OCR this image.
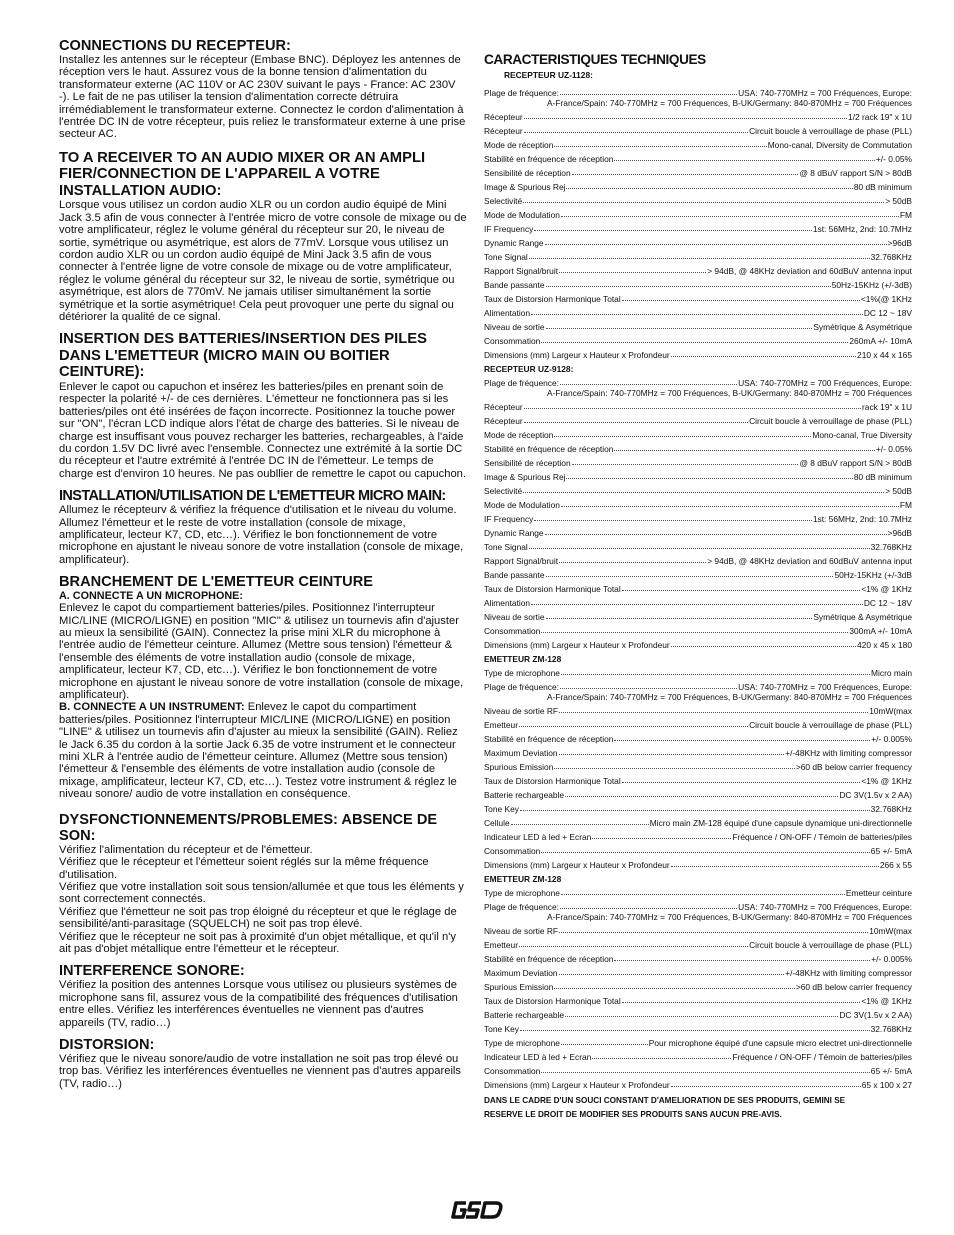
CONNECTIONS DU RECEPTEUR:

Installez les antennes sur le récepteur (Embase BNC). Déployez les antennes de réception vers le haut. Assurez vous de la bonne tension d'alimentation du transformateur externe (AC 110V or AC 230V suivant le pays - France: AC 230V -). Le fait de ne pas utiliser la tension d'alimentation correcte détruira irrémédiablement le transformateur externe. Connectez le cordon d'alimentation à l'entrée DC IN de votre récepteur, puis reliez le transformateur externe à une prise secteur AC.

TO A RECEIVER TO AN AUDIO MIXER OR AN AMPLI FIER/CONNECTION DE L'APPAREIL A VOTRE INSTALLATION AUDIO:

Lorsque vous utilisez un cordon audio XLR ou un cordon audio équipé de Mini Jack 3.5 afin de vous connecter à l'entrée micro de votre console de mixage ou de votre amplificateur, réglez le volume général du récepteur sur 20, le niveau de sortie, symétrique ou asymétrique, est alors de 77mV. Lorsque vous utilisez un cordon audio XLR ou un cordon audio équipé de Mini Jack 3.5 afin de vous connecter à l'entrée ligne de votre console de mixage ou de votre amplificateur, réglez le volume général du récepteur sur 32, le niveau de sortie, symétrique ou asymétrique, est alors de 770mV. Ne jamais utiliser simultanément la sortie symétrique et la sortie asymétrique! Cela peut provoquer une perte du signal ou détériorer la qualité de ce signal.

INSERTION DES BATTERIES/INSERTION DES PILES DANS L'EMETTEUR (MICRO MAIN OU BOITIER CEINTURE):

Enlever le capot ou capuchon et insérez les batteries/piles en prenant soin de respecter la polarité +/- de ces dernières. L'émetteur ne fonctionnera pas si les batteries/piles ont été insérées de façon incorrecte. Positionnez la touche power sur "ON", l'écran LCD indique alors l'état de charge des batteries. Si le niveau de charge est insuffisant vous pouvez recharger les batteries, rechargeables, à l'aide du cordon 1.5V DC livré avec l'ensemble. Connectez une extrémité à la sortie DC du récepteur et l'autre extrémité à l'entrée DC IN de l'émetteur. Le temps de charge est d'environ 10 heures. Ne pas oubllier de remettre le capot ou capuchon.

INSTALLATION/UTILISATION DE L'EMETTEUR MICRO MAIN:

Allumez le récepteurv & vérifiez la fréquence d'utilisation et le niveau du volume. Allumez l'émetteur et le reste de votre installation (console de mixage, amplificateur, lecteur K7, CD, etc…). Vérifiez le bon fonctionnement de votre microphone en ajustant le niveau sonore de votre installation (console de mixage, amplificateur).

BRANCHEMENT DE L'EMETTEUR CEINTURE

A. CONNECTE A UN MICROPHONE:
Enlevez le capot du compartiement batteries/piles. Positionnez l'interrupteur MIC/LINE (MICRO/LIGNE) en position "MIC" & utilisez un tournevis afin d'ajuster au mieux la sensibilité (GAIN). Connectez la prise mini XLR du microphone à l'entrée audio de l'émetteur ceinture. Allumez (Mettre sous tension) l'émetteur & l'ensemble des éléments de votre installation audio (console de mixage, amplificateur, lecteur K7, CD, etc…). Vérifiez le bon fonctionnement de votre microphone en ajustant le niveau sonore de votre installation (console de mixage, amplificateur).

B. CONNECTE A UN INSTRUMENT: Enlevez le capot du compartiment batteries/piles. Positionnez l'interrupteur MIC/LINE (MICRO/LIGNE) en position "LINE" & utilisez un tournevis afin d'ajuster au mieux la sensibilité (GAIN). Reliez le Jack 6.35 du cordon à la sortie Jack 6.35 de votre instrument et le connecteur mini XLR à l'entrée audio de l'émetteur ceinture. Allumez (Mettre sous tension) l'émetteur & l'ensemble des éléments de votre installation audio (console de mixage, amplificateur, lecteur K7, CD, etc…). Testez votre instrument & réglez le niveau sonore/ audio de votre installation en conséquence.

DYSFONCTIONNEMENTS/PROBLEMES: ABSENCE DE SON:

Vérifiez l'alimentation du récepteur et de l'émetteur.

Vérifiez que le récepteur et l'émetteur soient réglés sur la même fréquence d'utilisation.

Vérifiez que votre installation soit sous tension/allumée et que tous les éléments y sont correctement connectés.

Vérifiez que l'émetteur ne soit pas trop éloigné du récepteur et que le réglage de sensibilité/anti-parasitage (SQUELCH) ne soit pas trop élevé.

Vérifiez que le récepteur ne soit pas à proximité d'un objet métallique, et qu'il n'y ait pas d'objet métallique entre l'émetteur et le récepteur.

INTERFERENCE SONORE:

Vérifiez la position des antennes Lorsque vous utilisez ou plusieurs systèmes de microphone sans fil, assurez vous de la compatibilité des fréquences d'utilisation entre elles. Vérifiez les interférences éventuelles ne viennent pas d'autres appareils (TV, radio…)

DISTORSION:

Vérifiez que le niveau sonore/audio de votre installation ne soit pas trop élevé ou trop bas. Vérifiez les interférences éventuelles ne viennent pas d'autres appareils (TV, radio…)

CARACTERISTIQUES TECHNIQUES

RECEPTEUR UZ-1128:

Plage de fréquence:	USA: 740-770MHz = 700 Fréquences, Europe:
A-France/Spain: 740-770MHz = 700 Fréquences, B-UK/Germany: 840-870MHz = 700 Fréquences
Récepteur	1/2 rack 19" x 1U
Récepteur	Circuit boucle à verrouillage de phase (PLL)
Mode de réception	Mono-canal, Diversity de Commutation
Stabilité en fréquence de réception	+/- 0.05%
Sensibilité de réception	@ 8 dBuV rapport S/N > 80dB
Image & Spurious Rej	80 dB minimum
Selectivité	> 50dB
Mode de Modulation	FM
IF Frequency	1st: 56MHz, 2nd: 10.7MHz
Dynamic Range	>96dB
Tone Signal	32.768KHz
Rapport Signal/bruit	> 94dB, @ 48KHz deviation and 60dBuV antenna input
Bande passante	50Hz-15KHz (+/-3dB)
Taux de Distorsion Harmonique Total	<1%(@ 1KHz
Alimentation	DC 12 ~ 18V
Niveau de sortie	Symétrique & Asymétrique
Consommation	260mA +/- 10mA
Dimensions (mm) Largeur x Hauteur x Profondeur	210 x 44 x 165

RECEPTEUR UZ-9128:

Plage de fréquence:	USA: 740-770MHz = 700 Fréquences, Europe:
A-France/Spain: 740-770MHz = 700 Fréquences, B-UK/Germany: 840-870MHz = 700 Fréquences
Récepteur	rack 19" x 1U
Récepteur	Circuit boucle à verrouillage de phase (PLL)
Mode de réception	Mono-canal, True Diversity
Stabilité en fréquence de réception	+/- 0.05%
Sensibilité de réception	@ 8 dBuV rapport S/N > 80dB
Image & Spurious Rej	80 dB minimum
Selectivité	> 50dB
Mode de Modulation	FM
IF Frequency	1st: 56MHz, 2nd: 10.7MHz
Dynamic Range	>96dB
Tone Signal	32.768KHz
Rapport Signal/bruit	> 94dB, @ 48KHz deviation and 60dBuV antenna input
Bande passante	50Hz-15KHz (+/-3dB
Taux de Distorsion Harmonique Total	<1% @ 1KHz
Alimentation	DC 12 ~ 18V
Niveau de sortie	Symétrique & Asymétrique
Consommation	300mA +/- 10mA
Dimensions (mm) Largeur x Hauteur x Profondeur	420 x 45 x 180

EMETTEUR ZM-128

Type de microphone	Micro main
Plage de fréquence:	USA: 740-770MHz = 700 Fréquences, Europe:
A-France/Spain: 740-770MHz = 700 Fréquences, B-UK/Germany: 840-870MHz = 700 Fréquences
Niveau de sortie RF	10mW(max
Emetteur	Circuit boucle à verrouillage de phase (PLL)
Stabilité en fréquence de réception	+/- 0.005%
Maximum Deviation	+/-48KHz with limiting compressor
Spurious Emission	>60 dB below carrier frequency
Taux de Distorsion Harmonique Total	<1% @ 1KHz
Batterie rechargeable	DC 3V(1.5v x 2 AA)
Tone Key	32.768KHz
Cellule	Micro main ZM-128 équipé d'une capsule dynamique uni-directionnelle
Indicateur LED à led + Ecran	Fréquence / ON-OFF / Témoin de batteries/piles
Consommation	65 +/- 5mA
Dimensions (mm) Largeur x Hauteur x Profondeur	266 x 55

EMETTEUR ZM-128

Type de microphone	Emetteur ceinture
Plage de fréquence:	USA: 740-770MHz = 700 Fréquences, Europe:
A-France/Spain: 740-770MHz = 700 Fréquences, B-UK/Germany: 840-870MHz = 700 Fréquences
Niveau de sortie RF	10mW(max
Emetteur	Circuit boucle à verrouillage de phase (PLL)
Stabilité en fréquence de réception	+/- 0.005%
Maximum Deviation	+/-48KHz with limiting compressor
Spurious Emission	>60 dB below carrier frequency
Taux de Distorsion Harmonique Total	<1% @ 1KHz
Batterie rechargeable	DC 3V(1.5v x 2 AA)
Tone Key	32.768KHz
Type de microphone	Pour microphone équipé d'une capsule micro electret uni-directionnelle
Indicateur LED à led + Ecran	Fréquence / ON-OFF / Témoin de batteries/piles
Consommation	65 +/- 5mA
Dimensions (mm) Largeur x Hauteur x Profondeur	65 x 100 x 27

DANS LE CADRE D'UN SOUCI CONSTANT D'AMELIORATION DE SES PRODUITS, GEMINI SE

RESERVE LE DROIT DE MODIFIER SES PRODUITS SANS AUCUN PRE-AVIS.
